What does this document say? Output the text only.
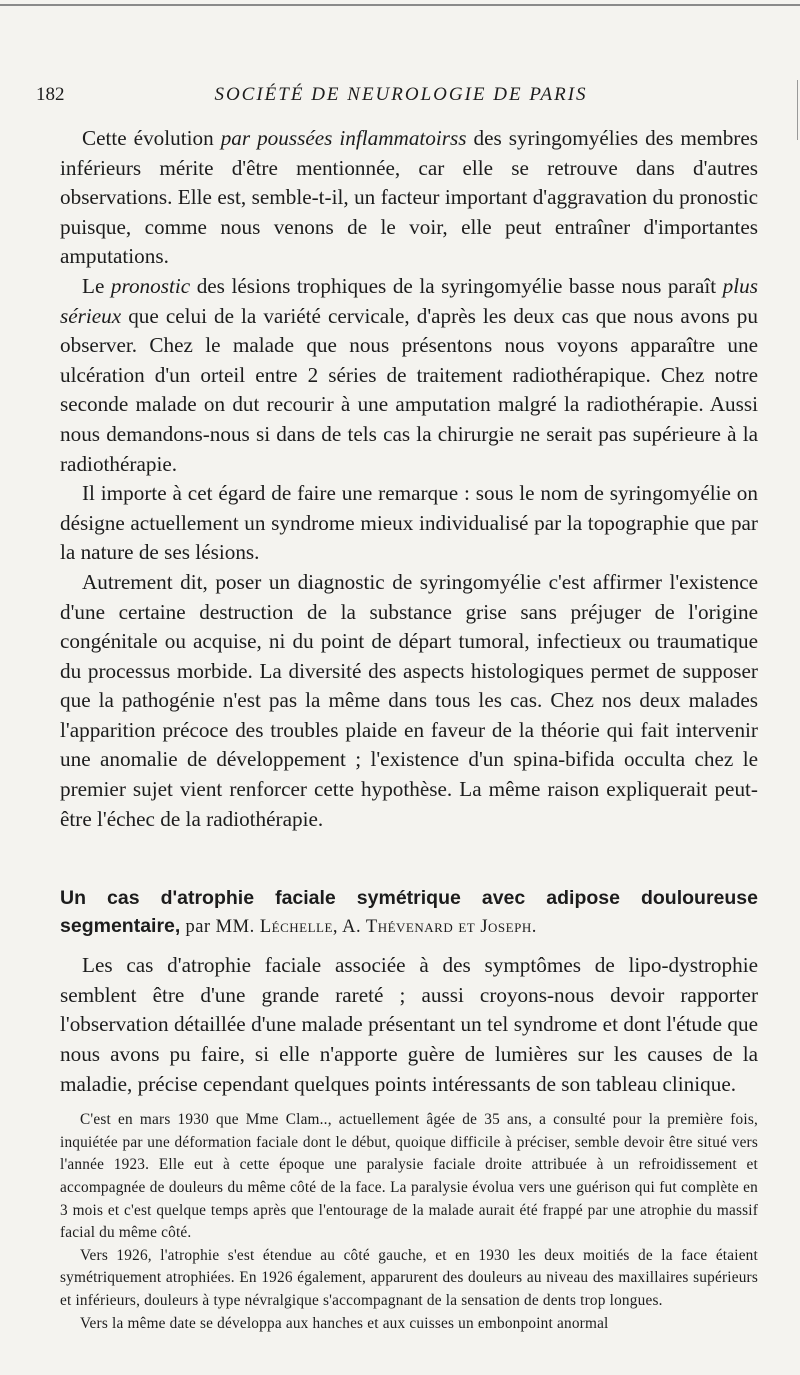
182	SOCIÉTÉ DE NEUROLOGIE DE PARIS

Cette évolution par poussées inflammatoirss des syringomyélies des membres inférieurs mérite d'être mentionnée, car elle se retrouve dans d'autres observations. Elle est, semble-t-il, un facteur important d'aggravation du pronostic puisque, comme nous venons de le voir, elle peut entraîner d'importantes amputations.

Le pronostic des lésions trophiques de la syringomyélie basse nous paraît plus sérieux que celui de la variété cervicale, d'après les deux cas que nous avons pu observer. Chez le malade que nous présentons nous voyons apparaître une ulcération d'un orteil entre 2 séries de traitement radiothérapique. Chez notre seconde malade on dut recourir à une amputation malgré la radiothérapie. Aussi nous demandons-nous si dans de tels cas la chirurgie ne serait pas supérieure à la radiothérapie.

Il importe à cet égard de faire une remarque : sous le nom de syringomyélie on désigne actuellement un syndrome mieux individualisé par la topographie que par la nature de ses lésions.

Autrement dit, poser un diagnostic de syringomyélie c'est affirmer l'existence d'une certaine destruction de la substance grise sans préjuger de l'origine congénitale ou acquise, ni du point de départ tumoral, infectieux ou traumatique du processus morbide. La diversité des aspects histologiques permet de supposer que la pathogénie n'est pas la même dans tous les cas. Chez nos deux malades l'apparition précoce des troubles plaide en faveur de la théorie qui fait intervenir une anomalie de développement ; l'existence d'un spina-bifida occulta chez le premier sujet vient renforcer cette hypothèse. La même raison expliquerait peut-être l'échec de la radiothérapie.

Un cas d'atrophie faciale symétrique avec adipose douloureuse segmentaire, par MM. Léchelle, A. Thévenard et Joseph.

Les cas d'atrophie faciale associée à des symptômes de lipo-dystrophie semblent être d'une grande rareté ; aussi croyons-nous devoir rapporter l'observation détaillée d'une malade présentant un tel syndrome et dont l'étude que nous avons pu faire, si elle n'apporte guère de lumières sur les causes de la maladie, précise cependant quelques points intéressants de son tableau clinique.

C'est en mars 1930 que Mme Clam.., actuellement âgée de 35 ans, a consulté pour la première fois, inquiétée par une déformation faciale dont le début, quoique difficile à préciser, semble devoir être situé vers l'année 1923. Elle eut à cette époque une paralysie faciale droite attribuée à un refroidissement et accompagnée de douleurs du même côté de la face. La paralysie évolua vers une guérison qui fut complète en 3 mois et c'est quelque temps après que l'entourage de la malade aurait été frappé par une atrophie du massif facial du même côté.

Vers 1926, l'atrophie s'est étendue au côté gauche, et en 1930 les deux moitiés de la face étaient symétriquement atrophiées. En 1926 également, apparurent des douleurs au niveau des maxillaires supérieurs et inférieurs, douleurs à type névralgique s'accompagnant de la sensation de dents trop longues.

Vers la même date se développa aux hanches et aux cuisses un embonpoint anormal
